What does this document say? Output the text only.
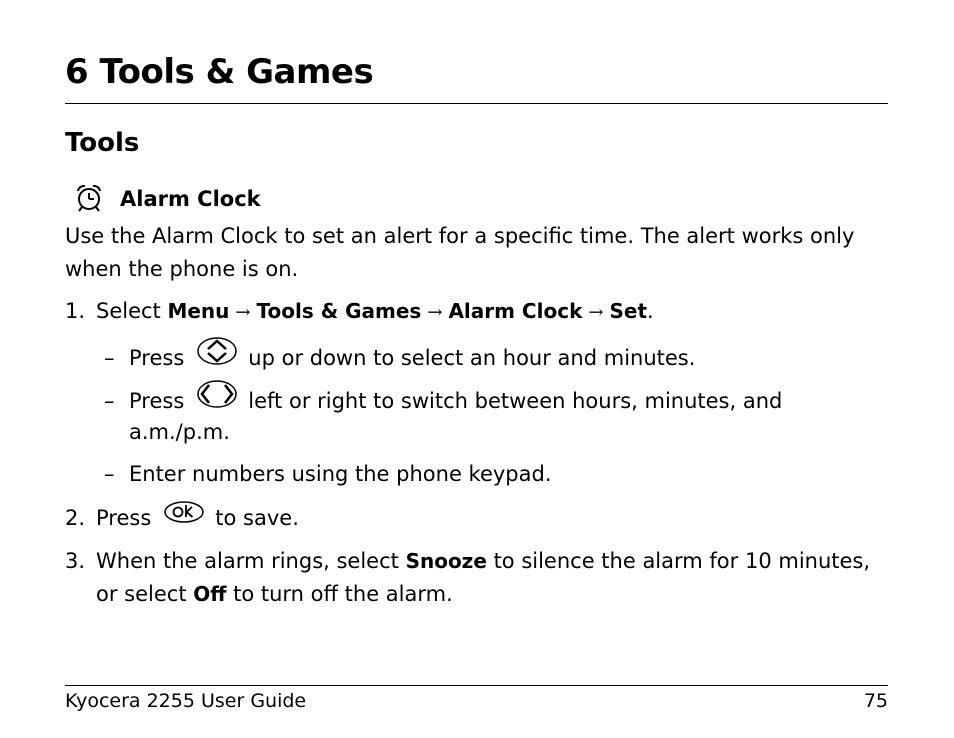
6 Tools & Games
Tools
Alarm Clock
Use the Alarm Clock to set an alert for a specific time. The alert works only when the phone is on.
1. Select Menu → Tools & Games → Alarm Clock → Set.
– Press	up or down to select an hour and minutes.
– Press	left or right to switch between hours, minutes, and
a.m./p.m.
– Enter numbers using the phone keypad.
2. Press	to save.
3. When the alarm rings, select Snooze to silence the alarm for 10 minutes,
or select Off to turn off the alarm.
Kyocera 2255 User Guide	75
